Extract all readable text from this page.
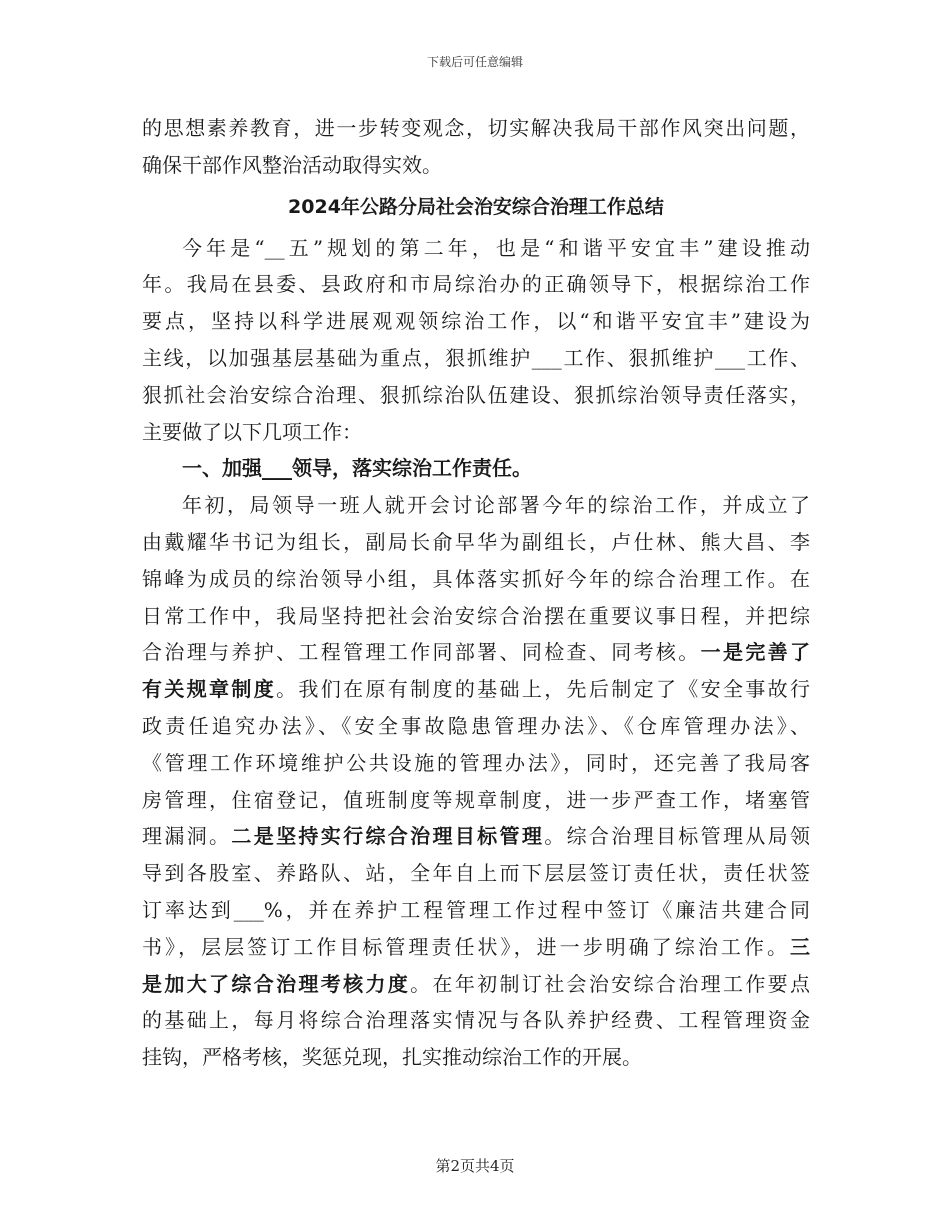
下载后可任意编辑
的思想素养教育，进一步转变观念，切实解决我局干部作风突出问题，
确保干部作风整治活动取得实效。
2024年公路分局社会治安综合治理工作总结
今年是“__五”规划的第二年，也是“和谐平安宜丰”建设推动
年。我局在县委、县政府和市局综治办的正确领导下，根据综治工作
要点，坚持以科学进展观观领综治工作，以“和谐平安宜丰”建设为
主线，以加强基层基础为重点，狠抓维护___工作、狠抓维护___工作、
狠抓社会治安综合治理、狠抓综治队伍建设、狠抓综治领导责任落实，
主要做了以下几项工作：
一、加强___领导，落实综治工作责任。
年初，局领导一班人就开会讨论部署今年的综治工作，并成立了
由戴耀华书记为组长，副局长俞早华为副组长，卢仕林、熊大昌、李
锦峰为成员的综治领导小组，具体落实抓好今年的综合治理工作。在
日常工作中，我局坚持把社会治安综合治摆在重要议事日程，并把综
合治理与养护、工程管理工作同部署、同检查、同考核。一是完善了
有关规章制度。我们在原有制度的基础上，先后制定了《安全事故行
政责任追究办法》、《安全事故隐患管理办法》、《仓库管理办法》、
《管理工作环境维护公共设施的管理办法》，同时，还完善了我局客
房管理，住宿登记，值班制度等规章制度，进一步严查工作，堵塞管
理漏洞。二是坚持实行综合治理目标管理。综合治理目标管理从局领
导到各股室、养路队、站，全年自上而下层层签订责任状，责任状签
订率达到___%，并在养护工程管理工作过程中签订《廉洁共建合同
书》，层层签订工作目标管理责任状》，进一步明确了综治工作。三
是加大了综合治理考核力度。在年初制订社会治安综合治理工作要点
的基础上，每月将综合治理落实情况与各队养护经费、工程管理资金
挂钩，严格考核，奖惩兑现，扎实推动综治工作的开展。
第2页共4页
